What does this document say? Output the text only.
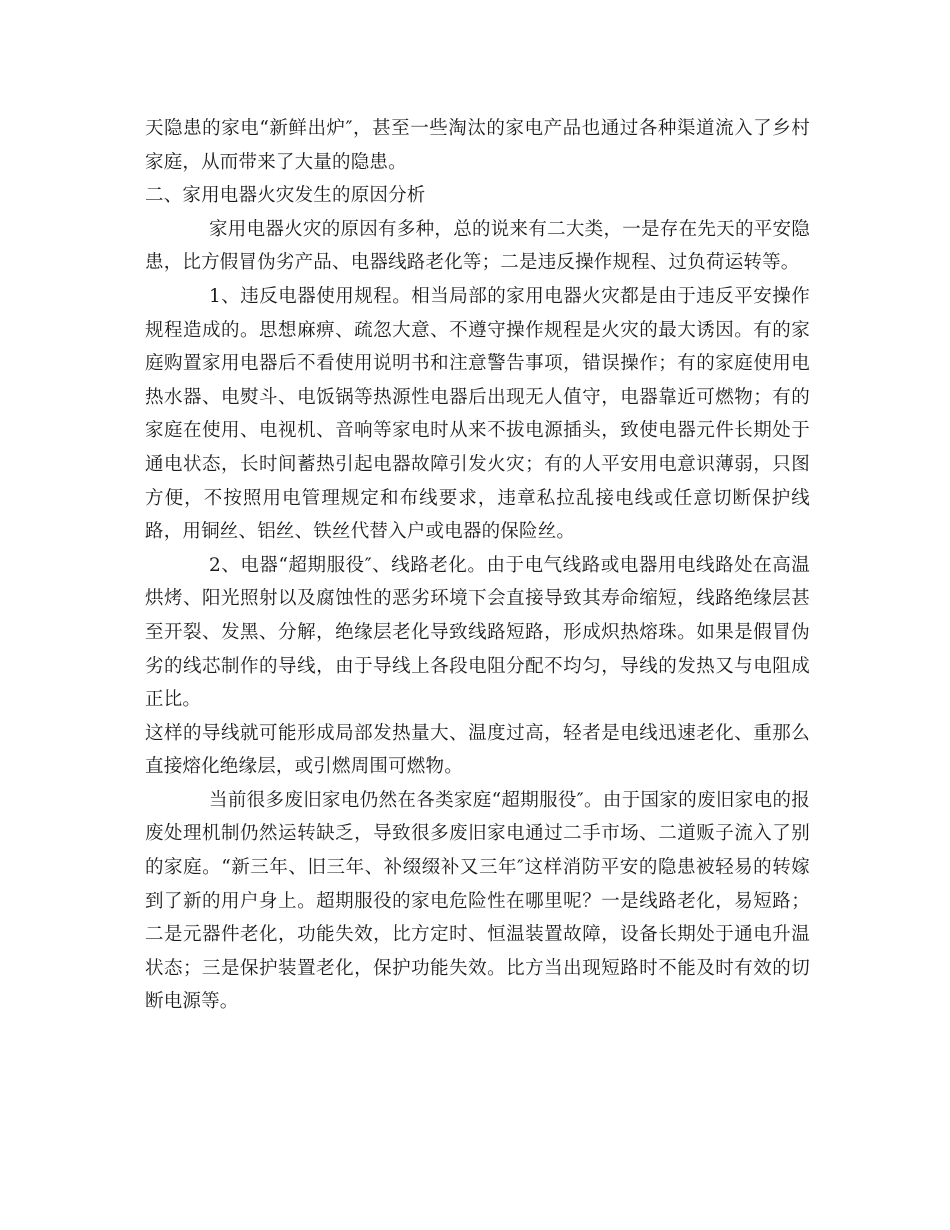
天隐患的家电“新鲜出炉″，甚至一些淘汰的家电产品也通过各种渠道流入了乡村家庭，从而带来了大量的隐患。

二、家用电器火灾发生的原因分析

家用电器火灾的原因有多种，总的说来有二大类，一是存在先天的平安隐患，比方假冒伪劣产品、电器线路老化等；二是违反操作规程、过负荷运转等。

1、违反电器使用规程。相当局部的家用电器火灾都是由于违反平安操作规程造成的。思想麻痹、疏忽大意、不遵守操作规程是火灾的最大诱因。有的家庭购置家用电器后不看使用说明书和注意警告事项，错误操作；有的家庭使用电热水器、电熨斗、电饭锅等热源性电器后出现无人值守，电器靠近可燃物；有的家庭在使用、电视机、音响等家电时从来不拔电源插头，致使电器元件长期处于通电状态，长时间蓄热引起电器故障引发火灾；有的人平安用电意识薄弱，只图方便，不按照用电管理规定和布线要求，违章私拉乱接电线或任意切断保护线路，用铜丝、铝丝、铁丝代替入户或电器的保险丝。

2、电器“超期服役″、线路老化。由于电气线路或电器用电线路处在高温烘烤、阳光照射以及腐蚀性的恶劣环境下会直接导致其寿命缩短，线路绝缘层甚至开裂、发黑、分解，绝缘层老化导致线路短路，形成炽热熔珠。如果是假冒伪劣的线芯制作的导线，由于导线上各段电阻分配不均匀，导线的发热又与电阻成正比。

这样的导线就可能形成局部发热量大、温度过高，轻者是电线迅速老化、重那么直接熔化绝缘层，或引燃周围可燃物。

当前很多废旧家电仍然在各类家庭“超期服役″。由于国家的废旧家电的报废处理机制仍然运转缺乏，导致很多废旧家电通过二手市场、二道贩子流入了别的家庭。“新三年、旧三年、补缀缀补又三年″这样消防平安的隐患被轻易的转嫁到了新的用户身上。超期服役的家电危险性在哪里呢？一是线路老化，易短路；二是元器件老化，功能失效，比方定时、恒温装置故障，设备长期处于通电升温状态；三是保护装置老化，保护功能失效。比方当出现短路时不能及时有效的切断电源等。
